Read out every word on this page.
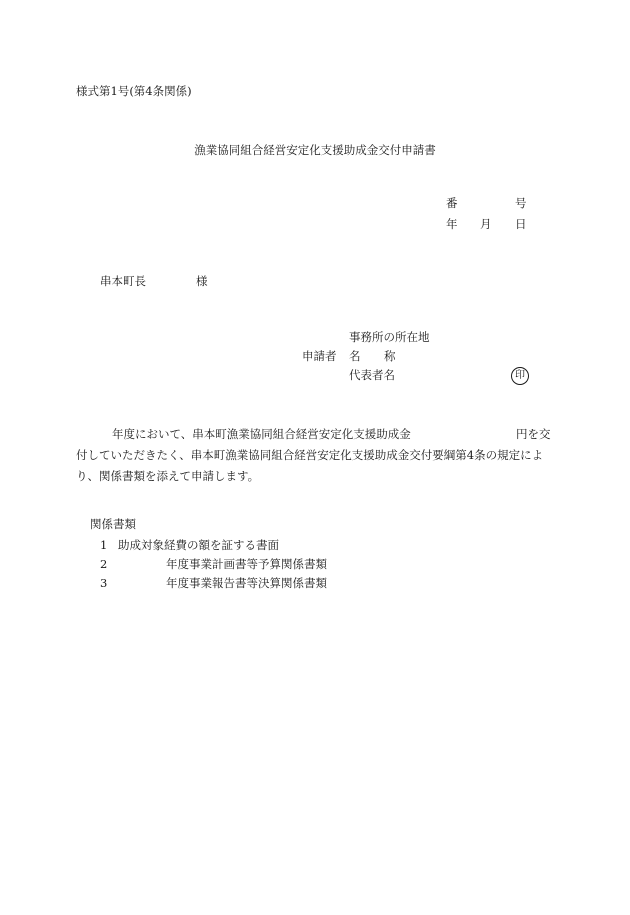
様式第1号(第4条関係)
漁業協同組合経営安定化支援助成金交付申請書
番	号
年 月 日
串本町長	様
事務所の所在地
申請者 名 称
代表者名	印
年度において、串本町漁業協同組合経営安定化支援助成金	円を交
付していただきたく、串本町漁業協同組合経営安定化支援助成金交付要綱第4条の規定によ
り、関係書類を添えて申請します。
関係書類
1 助成対象経費の額を証する書面
2	年度事業計画書等予算関係書類
3	年度事業報告書等決算関係書類
